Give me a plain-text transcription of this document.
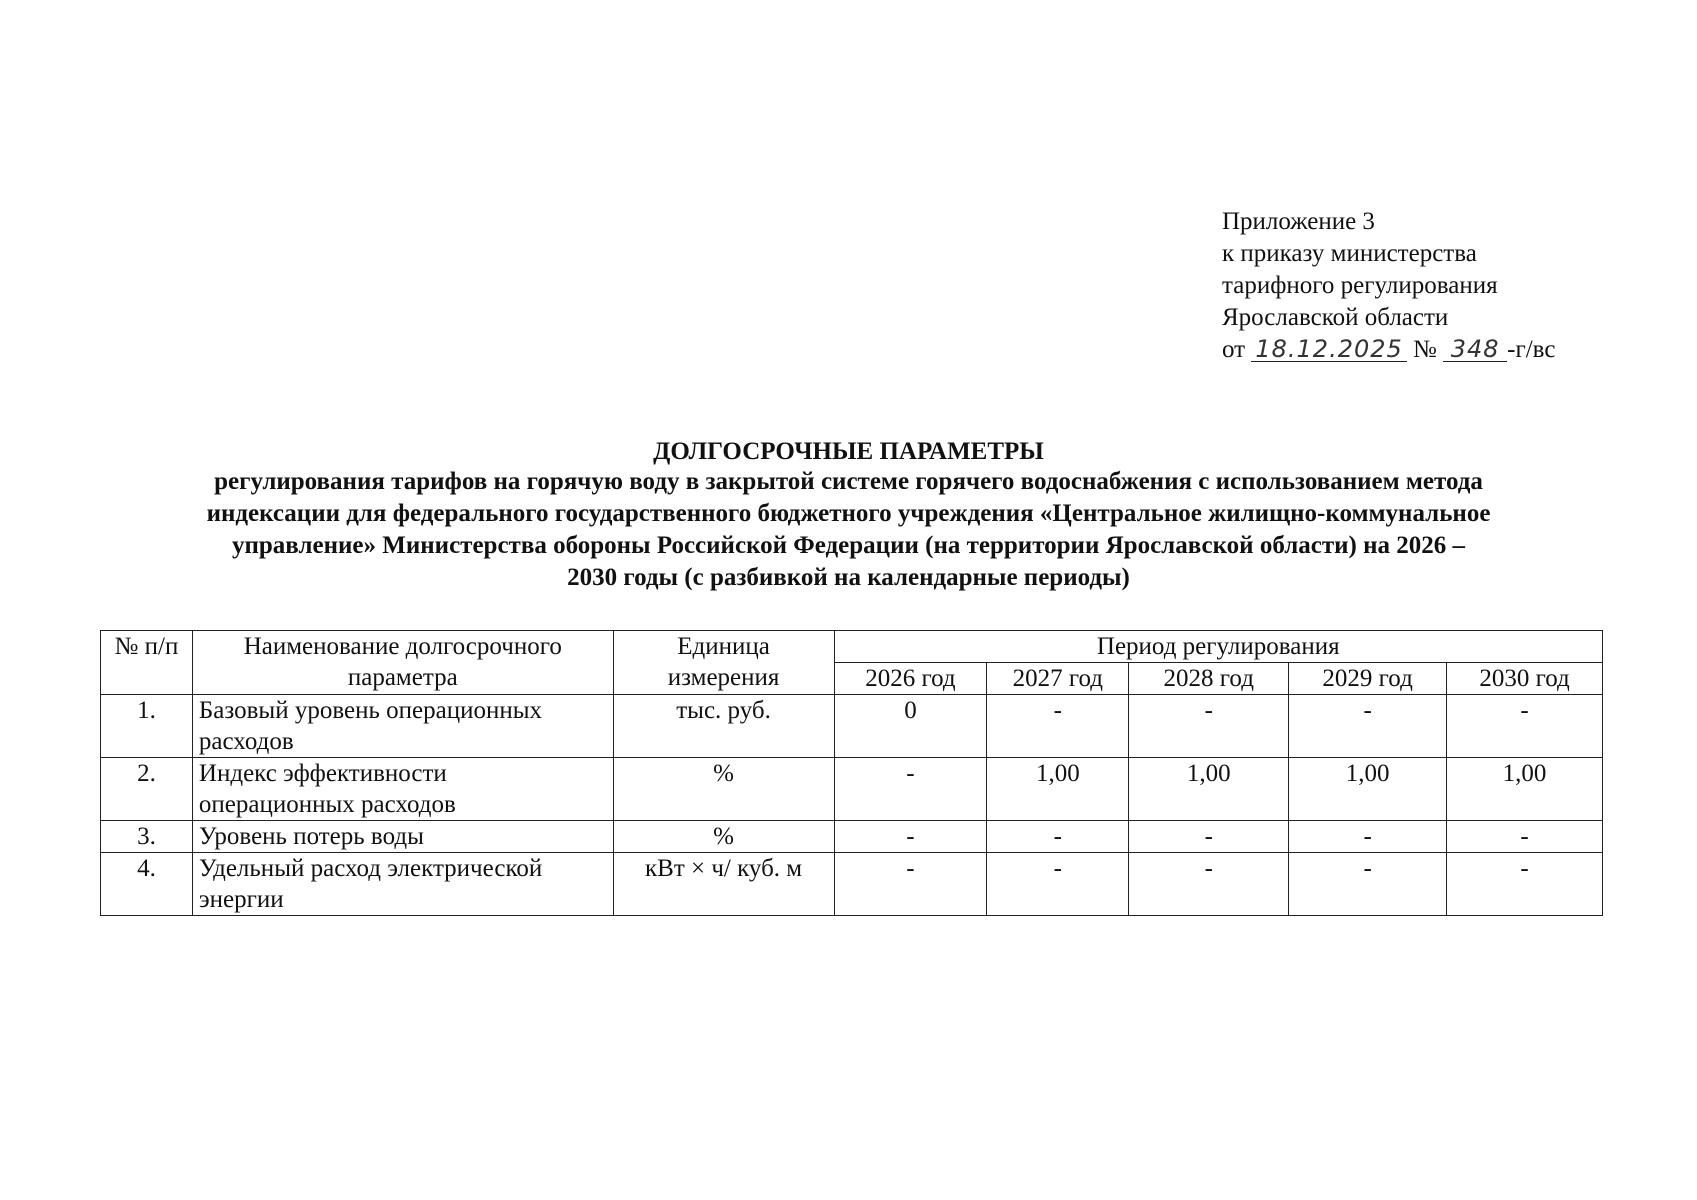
Приложение 3
к приказу министерства
тарифного регулирования
Ярославской области
от 18.12.2025 № 348 -г/вс
ДОЛГОСРОЧНЫЕ ПАРАМЕТРЫ
регулирования тарифов на горячую воду в закрытой системе горячего водоснабжения с использованием метода
индексации для федерального государственного бюджетного учреждения «Центральное жилищно-коммунальное
управление» Министерства обороны Российской Федерации (на территории Ярославской области) на 2026 –
2030 годы (с разбивкой на календарные периоды)
№ п/п	Наименование долгосрочного параметра	Единица измерения	Период регулирования				
			2026 год	2027 год	2028 год	2029 год	2030 год
1.	Базовый уровень операционных расходов	тыс. руб.	0	-	-	-	-
2.	Индекс эффективности операционных расходов	%	-	1,00	1,00	1,00	1,00
3.	Уровень потерь воды	%	-	-	-	-	-
4.	Удельный расход электрической энергии	кВт × ч/ куб. м	-	-	-	-	-
